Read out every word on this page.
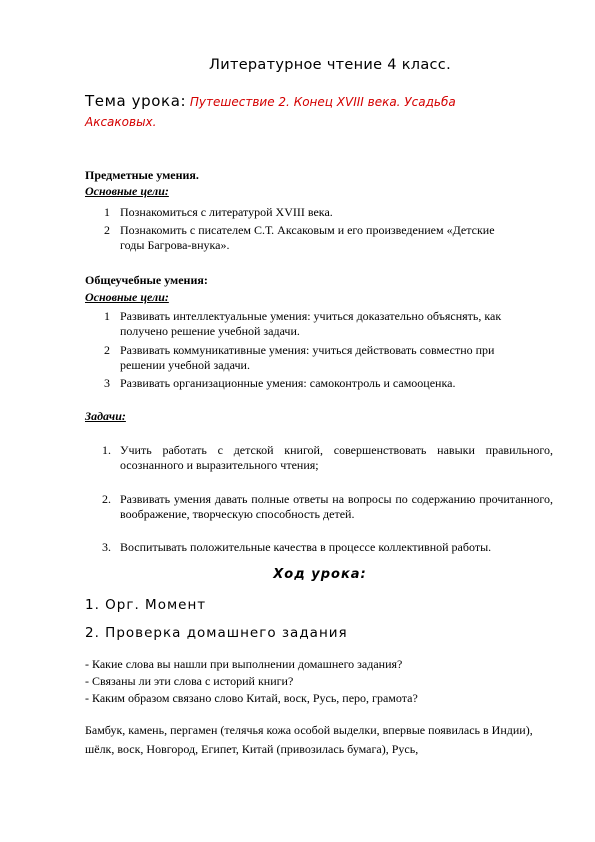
Литературное чтение 4 класс.
Тема урока: Путешествие 2. Конец XVIII века. Усадьба Аксаковых.
Предметные умения.
Основные цели:
1 Познакомиться с литературой XVIII века.
2 Познакомить с писателем С.Т. Аксаковым и его произведением «Детские годы Багрова-внука».
Общеучебные умения:
Основные цели:
1 Развивать интеллектуальные умения: учиться доказательно объяснять, как получено решение учебной задачи.
2 Развивать коммуникативные умения: учиться действовать совместно при решении учебной задачи.
3 Развивать организационные умения: самоконтроль и самооценка.
Задачи:
1. Учить работать с детской книгой, совершенствовать навыки правильного, осознанного и выразительного чтения;
2. Развивать умения давать полные ответы на вопросы по содержанию прочитанного, воображение, творческую способность детей.
3. Воспитывать положительные качества в процессе коллективной работы.
Ход урока:
1. Орг. Момент
2. Проверка домашнего задания
- Какие слова вы нашли при выполнении домашнего задания?
- Связаны ли эти слова с историй книги?
- Каким образом связано слово Китай, воск, Русь, перо, грамота?
Бамбук, камень, пергамен (телячья кожа особой выделки, впервые появилась в Индии), шёлк, воск, Новгород, Египет, Китай (привозилась бумага), Русь,
